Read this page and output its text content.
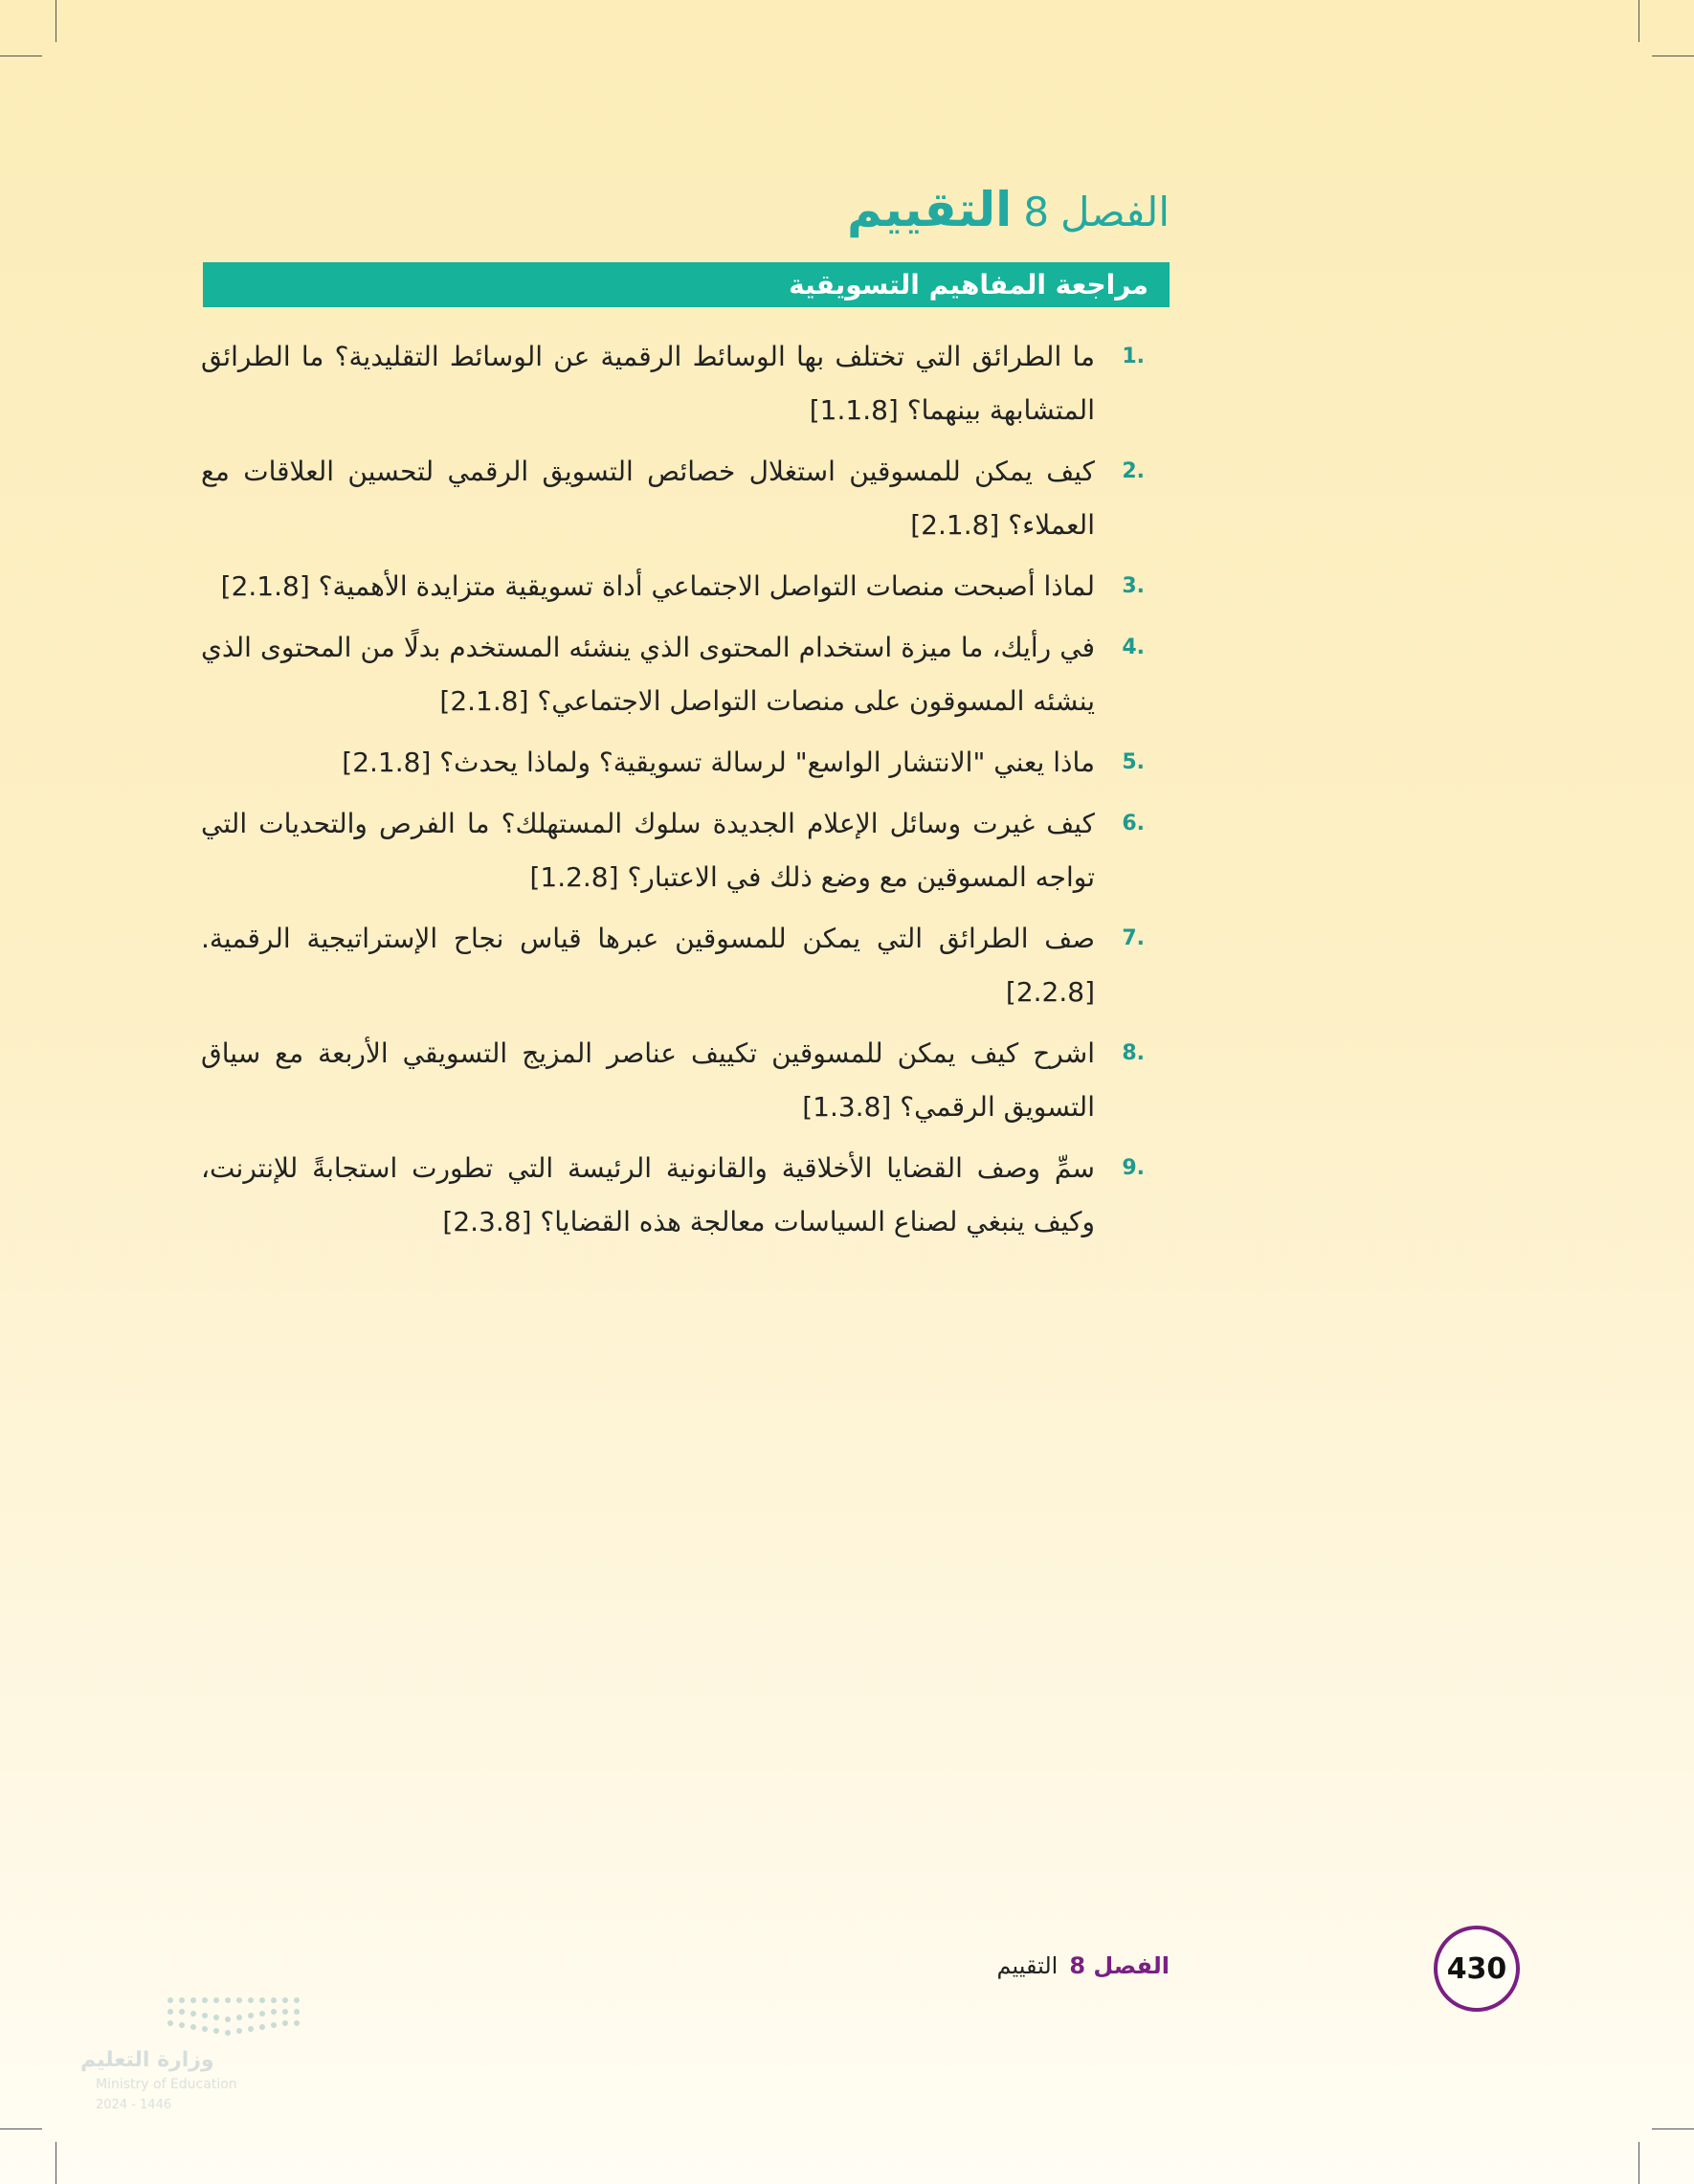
الفصل
8
التقييم
مراجعة المفاهيم التسويقية
.1
ما الطرائق التي تختلف بها الوسائط الرقمية عن الوسائط التقليدية؟ ما الطرائق المتشابهة بينهما؟ [1.1.8]
.2
كيف يمكن للمسوقين استغلال خصائص التسويق الرقمي لتحسين العلاقات مع العملاء؟ [2.1.8]
.3
لماذا أصبحت منصات التواصل الاجتماعي أداة تسويقية متزايدة الأهمية؟ [2.1.8]
.4
في رأيك، ما ميزة استخدام المحتوى الذي ينشئه المستخدم بدلًا من المحتوى الذي ينشئه المسوقون على منصات التواصل الاجتماعي؟ [2.1.8]
.5
ماذا يعني "الانتشار الواسع" لرسالة تسويقية؟ ولماذا يحدث؟ [2.1.8]
.6
كيف غيرت وسائل الإعلام الجديدة سلوك المستهلك؟ ما الفرص والتحديات التي تواجه المسوقين مع وضع ذلك في الاعتبار؟ [1.2.8]
.7
صف الطرائق التي يمكن للمسوقين عبرها قياس نجاح الإستراتيجية الرقمية. [2.2.8]
.8
اشرح كيف يمكن للمسوقين تكييف عناصر المزيج التسويقي الأربعة مع سياق التسويق الرقمي؟ [1.3.8]
.9
سمِّ وصف القضايا الأخلاقية والقانونية الرئيسة التي تطورت استجابةً للإنترنت، وكيف ينبغي لصناع السياسات معالجة هذه القضايا؟ [2.3.8]
430
الفصل 8
التقييم
وزارة التعليم
Ministry of Education
2024 - 1446
